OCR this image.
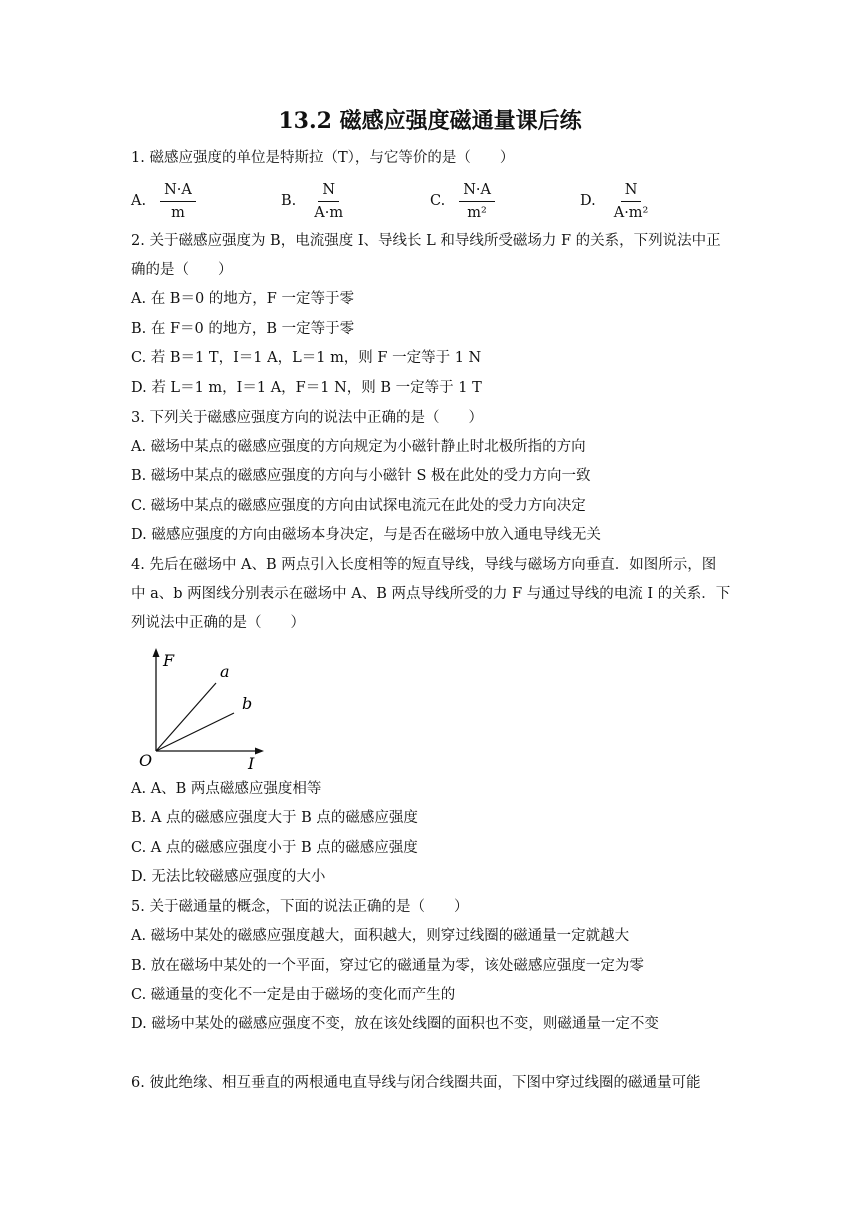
13.2 磁感应强度磁通量课后练
1. 磁感应强度的单位是特斯拉（T），与它等价的是（　　）
A. $\frac{N\cdot A}{m}$	B. $\frac{N}{A\cdot m}$	C. $\frac{N\cdot A}{\text{m²}}$	D. $\frac{N}{\text{A·m²}}$
2. 关于磁感应强度为 B，电流强度 I、导线长 L 和导线所受磁场力 F 的关系，下列说法中正
确的是（　　）
A. 在 B＝0 的地方，F 一定等于零
B. 在 F＝0 的地方，B 一定等于零
C. 若 B＝1 T，I＝1 A，L＝1 m，则 F 一定等于 1 N
D. 若 L＝1 m，I＝1 A，F＝1 N，则 B 一定等于 1 T
3. 下列关于磁感应强度方向的说法中正确的是（　　）
A. 磁场中某点的磁感应强度的方向规定为小磁针静止时北极所指的方向
B. 磁场中某点的磁感应强度的方向与小磁针 S 极在此处的受力方向一致
C. 磁场中某点的磁感应强度的方向由试探电流元在此处的受力方向决定
D. 磁感应强度的方向由磁场本身决定，与是否在磁场中放入通电导线无关
4. 先后在磁场中 A、B 两点引入长度相等的短直导线，导线与磁场方向垂直．如图所示，图
中 a、b 两图线分别表示在磁场中 A、B 两点导线所受的力 F 与通过导线的电流 I 的关系．下
列说法中正确的是（　　）
F
I
O
a
b
A. A、B 两点磁感应强度相等
B. A 点的磁感应强度大于 B 点的磁感应强度
C. A 点的磁感应强度小于 B 点的磁感应强度
D. 无法比较磁感应强度的大小
5. 关于磁通量的概念，下面的说法正确的是（　　）
A. 磁场中某处的磁感应强度越大，面积越大，则穿过线圈的磁通量一定就越大
B. 放在磁场中某处的一个平面，穿过它的磁通量为零，该处磁感应强度一定为零
C. 磁通量的变化不一定是由于磁场的变化而产生的
D. 磁场中某处的磁感应强度不变，放在该处线圈的面积也不变，则磁通量一定不变
6. 彼此绝缘、相互垂直的两根通电直导线与闭合线圈共面，下图中穿过线圈的磁通量可能
